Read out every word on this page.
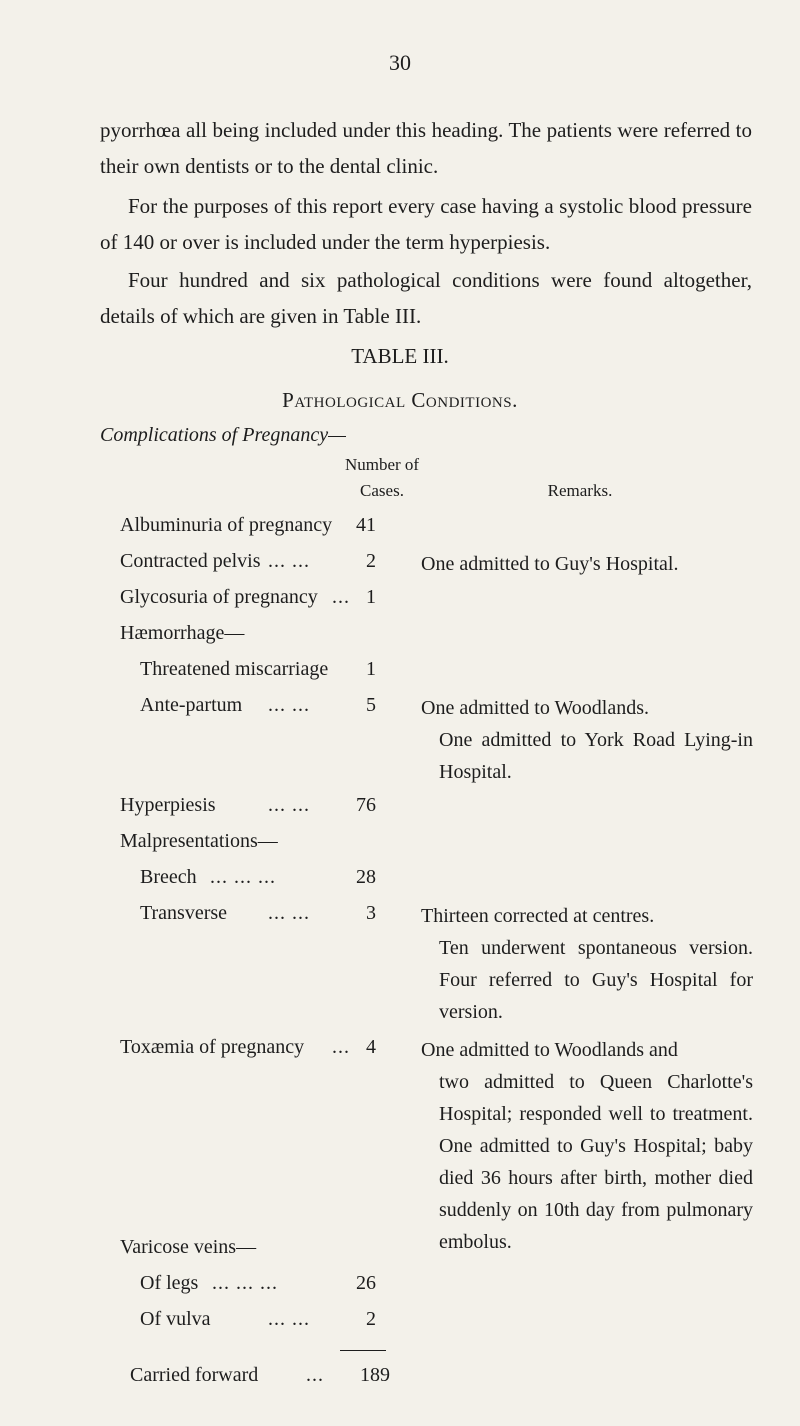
30

pyorrhœa all being included under this heading. The patients were referred to their own dentists or to the dental clinic.

For the purposes of this report every case having a systolic blood pressure of 140 or over is included under the term hyperpiesis.

Four hundred and six pathological conditions were found altogether, details of which are given in Table III.

TABLE III.
Pathological Conditions.
Complications of Pregnancy—
Number of
Cases.	Remarks.
Albuminuria of pregnancy	41
Contracted pelvis ... ...	2 One admitted to Guy's Hospital.
Glycosuria of pregnancy ... 1
Hæmorrhage—
Threatened miscarriage	1
Ante-partum ... ...	5 One admitted to Woodlands.
One admitted to York Road Lying-in Hospital.
Hyperpiesis	... ...	76
Malpresentations—
Breech ... ... ...	28
Transverse ... ...	3 Thirteen corrected at centres.
Ten underwent spontaneous version. Four referred to Guy's Hospital for version.
Toxæmia of pregnancy ... 4 One admitted to Woodlands and
two admitted to Queen Charlotte's Hospital; responded well to treatment. One admitted to Guy's Hospital; baby died 36 hours after birth, mother died suddenly on 10th day from pulmonary embolus.
Varicose veins—
Of legs ... ... ...	26
Of vulva	... ...	2
Carried forward ...	189
